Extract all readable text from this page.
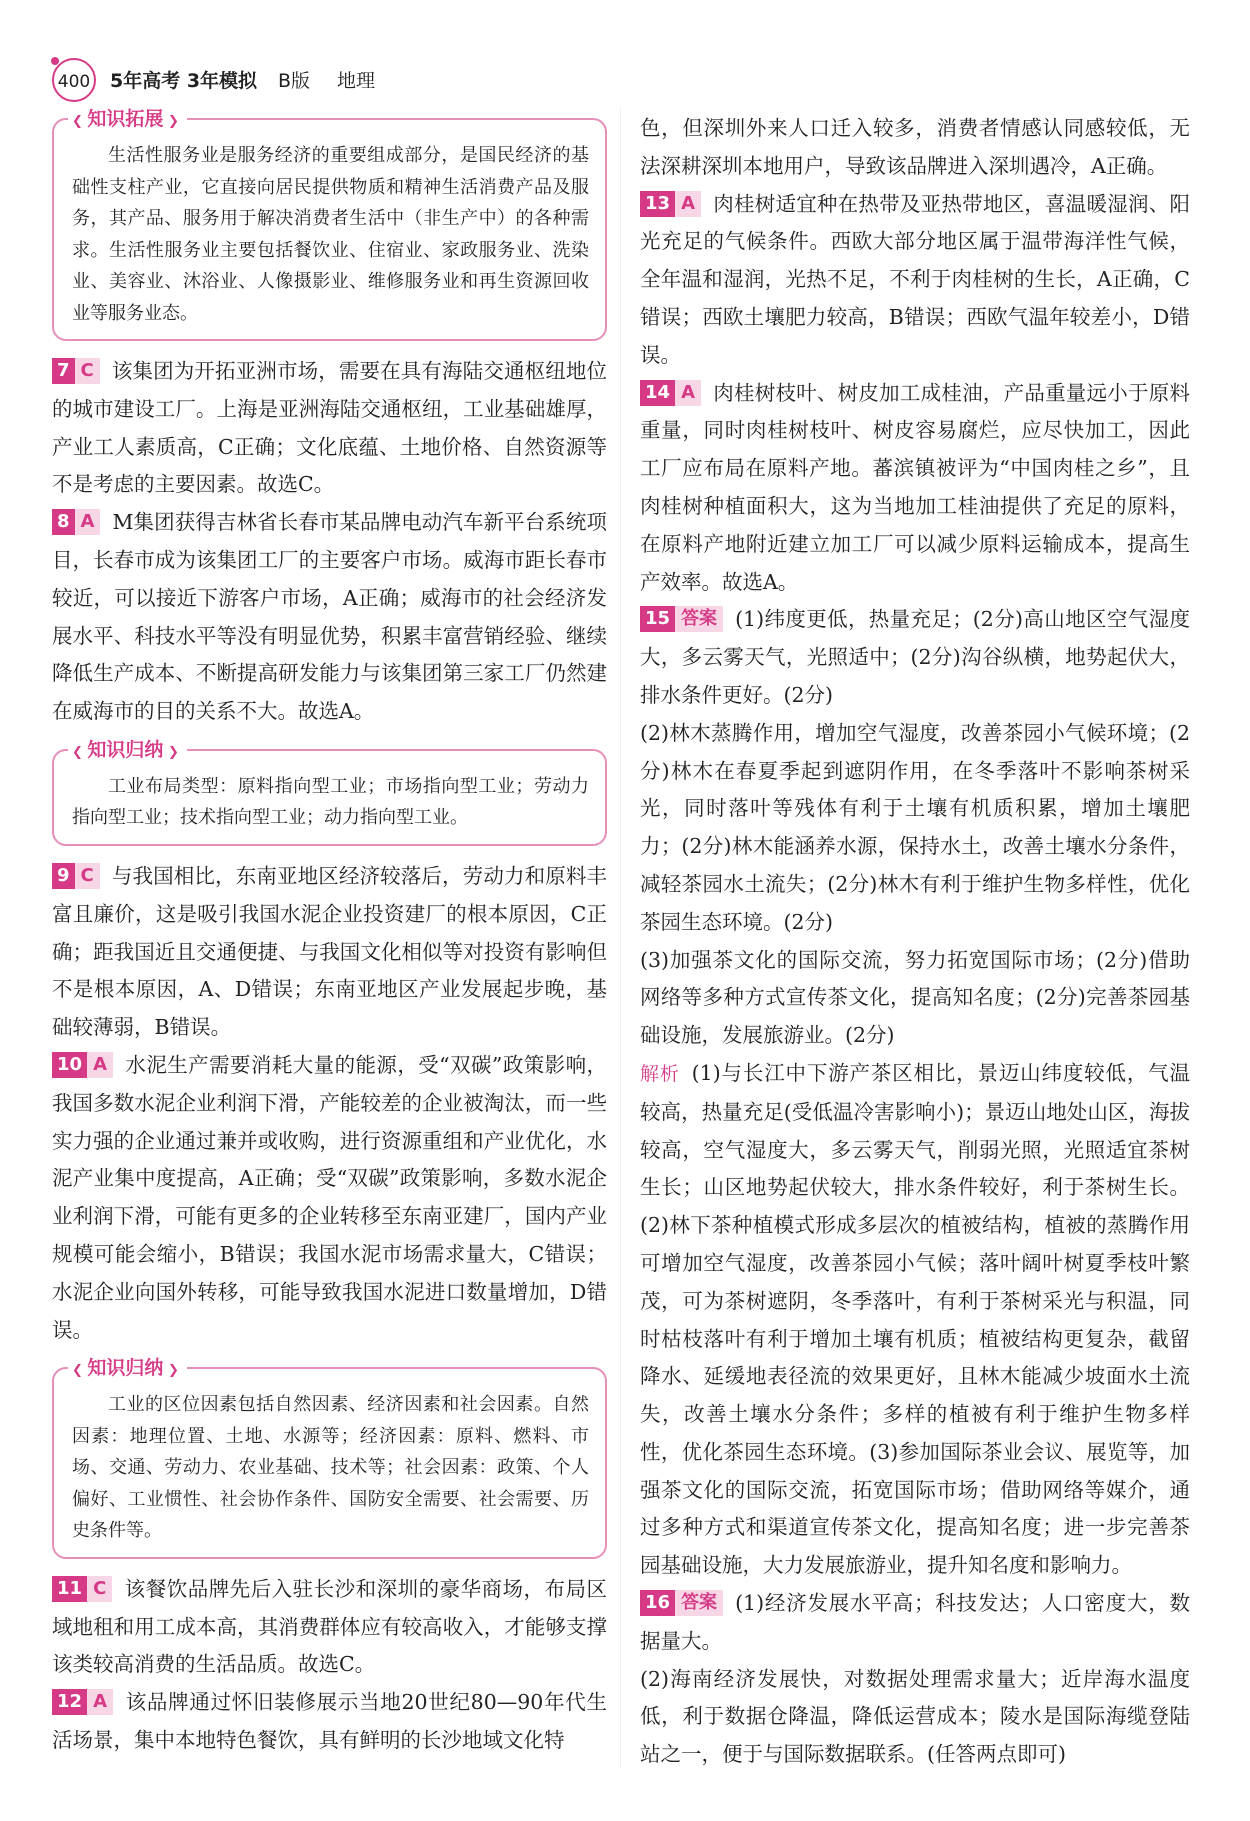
400	5年高考 3年模拟 B版 地理
❮ 知识拓展 ❯

生活性服务业是服务经济的重要组成部分，是国民经济的基础性支柱产业，它直接向居民提供物质和精神生活消费产品及服务，其产品、服务用于解决消费者生活中（非生产中）的各种需求。生活性服务业主要包括餐饮业、住宿业、家政服务业、洗染业、美容业、沐浴业、人像摄影业、维修服务业和再生资源回收业等服务业态。

7 C 该集团为开拓亚洲市场，需要在具有海陆交通枢纽地位的城市建设工厂。上海是亚洲海陆交通枢纽，工业基础雄厚，产业工人素质高，C正确；文化底蕴、土地价格、自然资源等不是考虑的主要因素。故选C。
8 A M集团获得吉林省长春市某品牌电动汽车新平台系统项目，长春市成为该集团工厂的主要客户市场。威海市距长春市较近，可以接近下游客户市场，A正确；威海市的社会经济发展水平、科技水平等没有明显优势，积累丰富营销经验、继续降低生产成本、不断提高研发能力与该集团第三家工厂仍然建在威海市的目的关系不大。故选A。
❮ 知识归纳 ❯

工业布局类型：原料指向型工业；市场指向型工业；劳动力指向型工业；技术指向型工业；动力指向型工业。

9 C 与我国相比，东南亚地区经济较落后，劳动力和原料丰富且廉价，这是吸引我国水泥企业投资建厂的根本原因，C正确；距我国近且交通便捷、与我国文化相似等对投资有影响但不是根本原因，A、D错误；东南亚地区产业发展起步晚，基础较薄弱，B错误。
10 A 水泥生产需要消耗大量的能源，受“双碳”政策影响，我国多数水泥企业利润下滑，产能较差的企业被淘汰，而一些实力强的企业通过兼并或收购，进行资源重组和产业优化，水泥产业集中度提高，A正确；受“双碳”政策影响，多数水泥企业利润下滑，可能有更多的企业转移至东南亚建厂，国内产业规模可能会缩小，B错误；我国水泥市场需求量大，C错误；水泥企业向国外转移，可能导致我国水泥进口数量增加，D错误。
❮ 知识归纳 ❯

工业的区位因素包括自然因素、经济因素和社会因素。自然因素：地理位置、土地、水源等；经济因素：原料、燃料、市场、交通、劳动力、农业基础、技术等；社会因素：政策、个人偏好、工业惯性、社会协作条件、国防安全需要、社会需要、历史条件等。

11 C 该餐饮品牌先后入驻长沙和深圳的豪华商场，布局区域地租和用工成本高，其消费群体应有较高收入，才能够支撑该类较高消费的生活品质。故选C。
12 A 该品牌通过怀旧装修展示当地20世纪80—90年代生活场景，集中本地特色餐饮，具有鲜明的长沙地域文化特
色，但深圳外来人口迁入较多，消费者情感认同感较低，无法深耕深圳本地用户，导致该品牌进入深圳遇冷，A正确。
13 A 肉桂树适宜种在热带及亚热带地区，喜温暖湿润、阳光充足的气候条件。西欧大部分地区属于温带海洋性气候，全年温和湿润，光热不足，不利于肉桂树的生长，A正确，C错误；西欧土壤肥力较高，B错误；西欧气温年较差小，D错误。
14 A 肉桂树枝叶、树皮加工成桂油，产品重量远小于原料重量，同时肉桂树枝叶、树皮容易腐烂，应尽快加工，因此工厂应布局在原料产地。蕃滨镇被评为“中国肉桂之乡”，且肉桂树种植面积大，这为当地加工桂油提供了充足的原料，在原料产地附近建立加工厂可以减少原料运输成本，提高生产效率。故选A。
15 答案 (1)纬度更低，热量充足；(2分)高山地区空气湿度大，多云雾天气，光照适中；(2分)沟谷纵横，地势起伏大，排水条件更好。(2分)
(2)林木蒸腾作用，增加空气湿度，改善茶园小气候环境；(2分)林木在春夏季起到遮阴作用，在冬季落叶不影响茶树采光，同时落叶等残体有利于土壤有机质积累，增加土壤肥力；(2分)林木能涵养水源，保持水土，改善土壤水分条件，减轻茶园水土流失；(2分)林木有利于维护生物多样性，优化茶园生态环境。(2分)
(3)加强茶文化的国际交流，努力拓宽国际市场；(2分)借助网络等多种方式宣传茶文化，提高知名度；(2分)完善茶园基础设施，发展旅游业。(2分)
解析 (1)与长江中下游产茶区相比，景迈山纬度较低，气温较高，热量充足(受低温冷害影响小)；景迈山地处山区，海拔较高，空气湿度大，多云雾天气，削弱光照，光照适宜茶树生长；山区地势起伏较大，排水条件较好，利于茶树生长。(2)林下茶种植模式形成多层次的植被结构，植被的蒸腾作用可增加空气湿度，改善茶园小气候；落叶阔叶树夏季枝叶繁茂，可为茶树遮阴，冬季落叶，有利于茶树采光与积温，同时枯枝落叶有利于增加土壤有机质；植被结构更复杂，截留降水、延缓地表径流的效果更好，且林木能减少坡面水土流失，改善土壤水分条件；多样的植被有利于维护生物多样性，优化茶园生态环境。(3)参加国际茶业会议、展览等，加强茶文化的国际交流，拓宽国际市场；借助网络等媒介，通过多种方式和渠道宣传茶文化，提高知名度；进一步完善茶园基础设施，大力发展旅游业，提升知名度和影响力。
16 答案 (1)经济发展水平高；科技发达；人口密度大，数据量大。
(2)海南经济发展快，对数据处理需求量大；近岸海水温度低，利于数据仓降温，降低运营成本；陵水是国际海缆登陆站之一，便于与国际数据联系。(任答两点即可)
